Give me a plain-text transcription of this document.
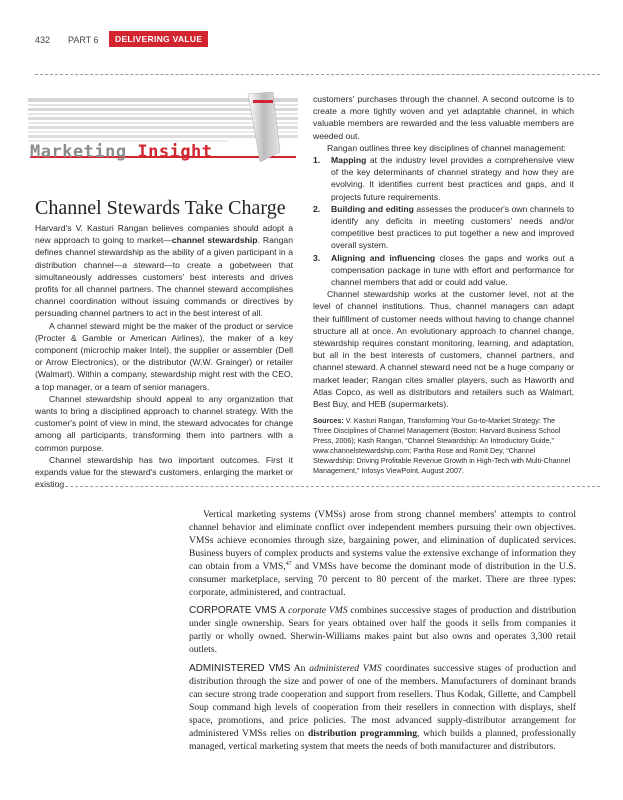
432 PART 6	DELIVERING VALUE
Marketing Insight
Channel Stewards Take Charge

Harvard's V. Kasturi Rangan believes companies should adopt a new approach to going to market—channel stewardship. Rangan defines channel stewardship as the ability of a given participant in a distribution channel—a steward—to create a gobetween that simultaneously addresses customers' best interests and drives profits for all channel partners. The channel steward accomplishes channel coordination without issuing commands or directives by persuading channel partners to act in the best interest of all.

A channel steward might be the maker of the product or service (Procter & Gamble or American Airlines), the maker of a key component (microchip maker Intel), the supplier or assembler (Dell or Arrow Electronics), or the distributor (W.W. Grainger) or retailer (Walmart). Within a company, stewardship might rest with the CEO, a top manager, or a team of senior managers.

Channel stewardship should appeal to any organization that wants to bring a disciplined approach to channel strategy. With the customer's point of view in mind, the steward advocates for change among all participants, transforming them into partners with a common purpose.

Channel stewardship has two important outcomes. First it expands value for the steward's customers, enlarging the market or existing

customers' purchases through the channel. A second outcome is to create a more tightly woven and yet adaptable channel, in which valuable members are rewarded and the less valuable members are weeded out.

Rangan outlines three key disciplines of channel management:

1. Mapping at the industry level provides a comprehensive view of the key determinants of channel strategy and how they are evolving. It identifies current best practices and gaps, and it projects future requirements.

2. Building and editing assesses the producer's own channels to identify any deficits in meeting customers' needs and/or competitive best practices to put together a new and improved overall system.

3. Aligning and influencing closes the gaps and works out a compensation package in tune with effort and performance for channel members that add or could add value.

Channel stewardship works at the customer level, not at the level of channel institutions. Thus, channel managers can adapt their fulfillment of customer needs without having to change channel structure all at once. An evolutionary approach to channel change, stewardship requires constant monitoring, learning, and adaptation, but all in the best interests of customers, channel partners, and channel steward. A channel steward need not be a huge company or market leader; Rangan cites smaller players, such as Haworth and Atlas Copco, as well as distributors and retailers such as Walmart, Best Buy, and HEB (supermarkets).

Sources: V. Kasturi Rangan, Transforming Your Go-to-Market Strategy: The Three Disciplines of Channel Management (Boston: Harvard Business School Press, 2006); Kash Rangan, “Channel Stewardship: An Introductory Guide,” www.channelstewardship.com; Partha Rose and Romit Dey, “Channel Stewardship: Driving Profitable Revenue Growth in High-Tech with Multi-Channel Management,” Infosys ViewPoint, August 2007.

Vertical marketing systems (VMSs) arose from strong channel members' attempts to control channel behavior and eliminate conflict over independent members pursuing their own objectives. VMSs achieve economies through size, bargaining power, and elimination of duplicated services. Business buyers of complex products and systems value the extensive exchange of information they can obtain from a VMS,$^{47}$ and VMSs have become the dominant mode of distribution in the U.S. consumer marketplace, serving 70 percent to 80 percent of the market. There are three types: corporate, administered, and contractual.

CORPORATE VMS A corporate VMS combines successive stages of production and distribution under single ownership. Sears for years obtained over half the goods it sells from companies it partly or wholly owned. Sherwin-Williams makes paint but also owns and operates 3,300 retail outlets.

ADMINISTERED VMS An administered VMS coordinates successive stages of production and distribution through the size and power of one of the members. Manufacturers of dominant brands can secure strong trade cooperation and support from resellers. Thus Kodak, Gillette, and Campbell Soup command high levels of cooperation from their resellers in connection with displays, shelf space, promotions, and price policies. The most advanced supply-distributor arrangement for administered VMSs relies on distribution programming, which builds a planned, professionally managed, vertical marketing system that meets the needs of both manufacturer and distributors.
